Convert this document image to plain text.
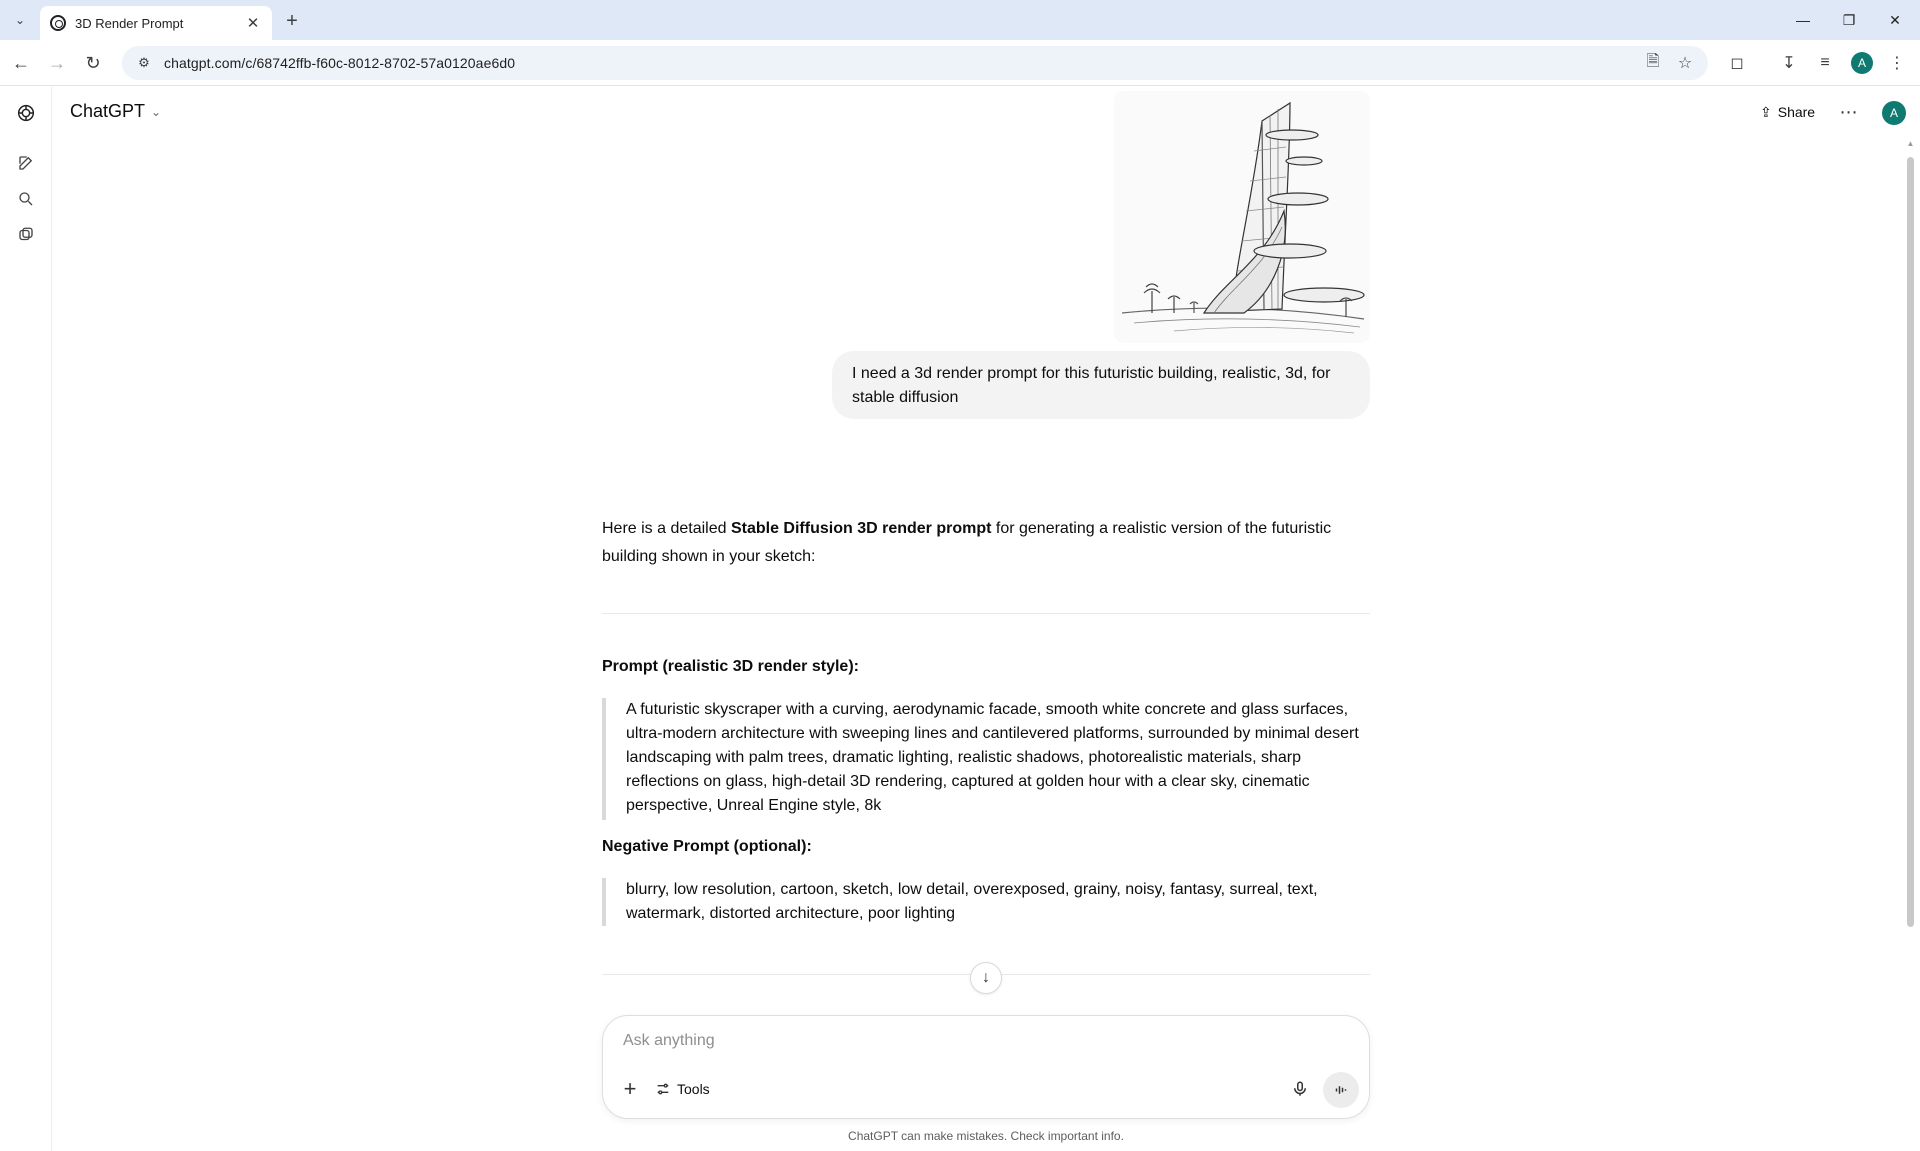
⌄	3D Render Prompt	✕	+	—	❐	✕
← →	↻	⚙ chatgpt.com/c/68742ffb-f60c-8012-8702-57a0120ae6d0	🗎	☆	◻	↧	≡	A	⋮
ChatGPT ⌄	⇪ Share	⋯	A
▲
I need a 3d render prompt for this futuristic building, realistic, 3d, for stable diffusion
Here is a detailed Stable Diffusion 3D render prompt for generating a realistic version of the futuristic building shown in your sketch:
Prompt (realistic 3D render style):
A futuristic skyscraper with a curving, aerodynamic facade, smooth white concrete and glass surfaces, ultra-modern architecture with sweeping lines and cantilevered platforms, surrounded by minimal desert landscaping with palm trees, dramatic lighting, realistic shadows, photorealistic materials, sharp reflections on glass, high-detail 3D rendering, captured at golden hour with a clear sky, cinematic perspective, Unreal Engine style, 8k
Negative Prompt (optional):
blurry, low resolution, cartoon, sketch, low detail, overexposed, grainy, noisy, fantasy, surreal, text, watermark, distorted architecture, poor lighting
↓
Ask anything
+	Tools
ChatGPT can make mistakes. Check important info.
